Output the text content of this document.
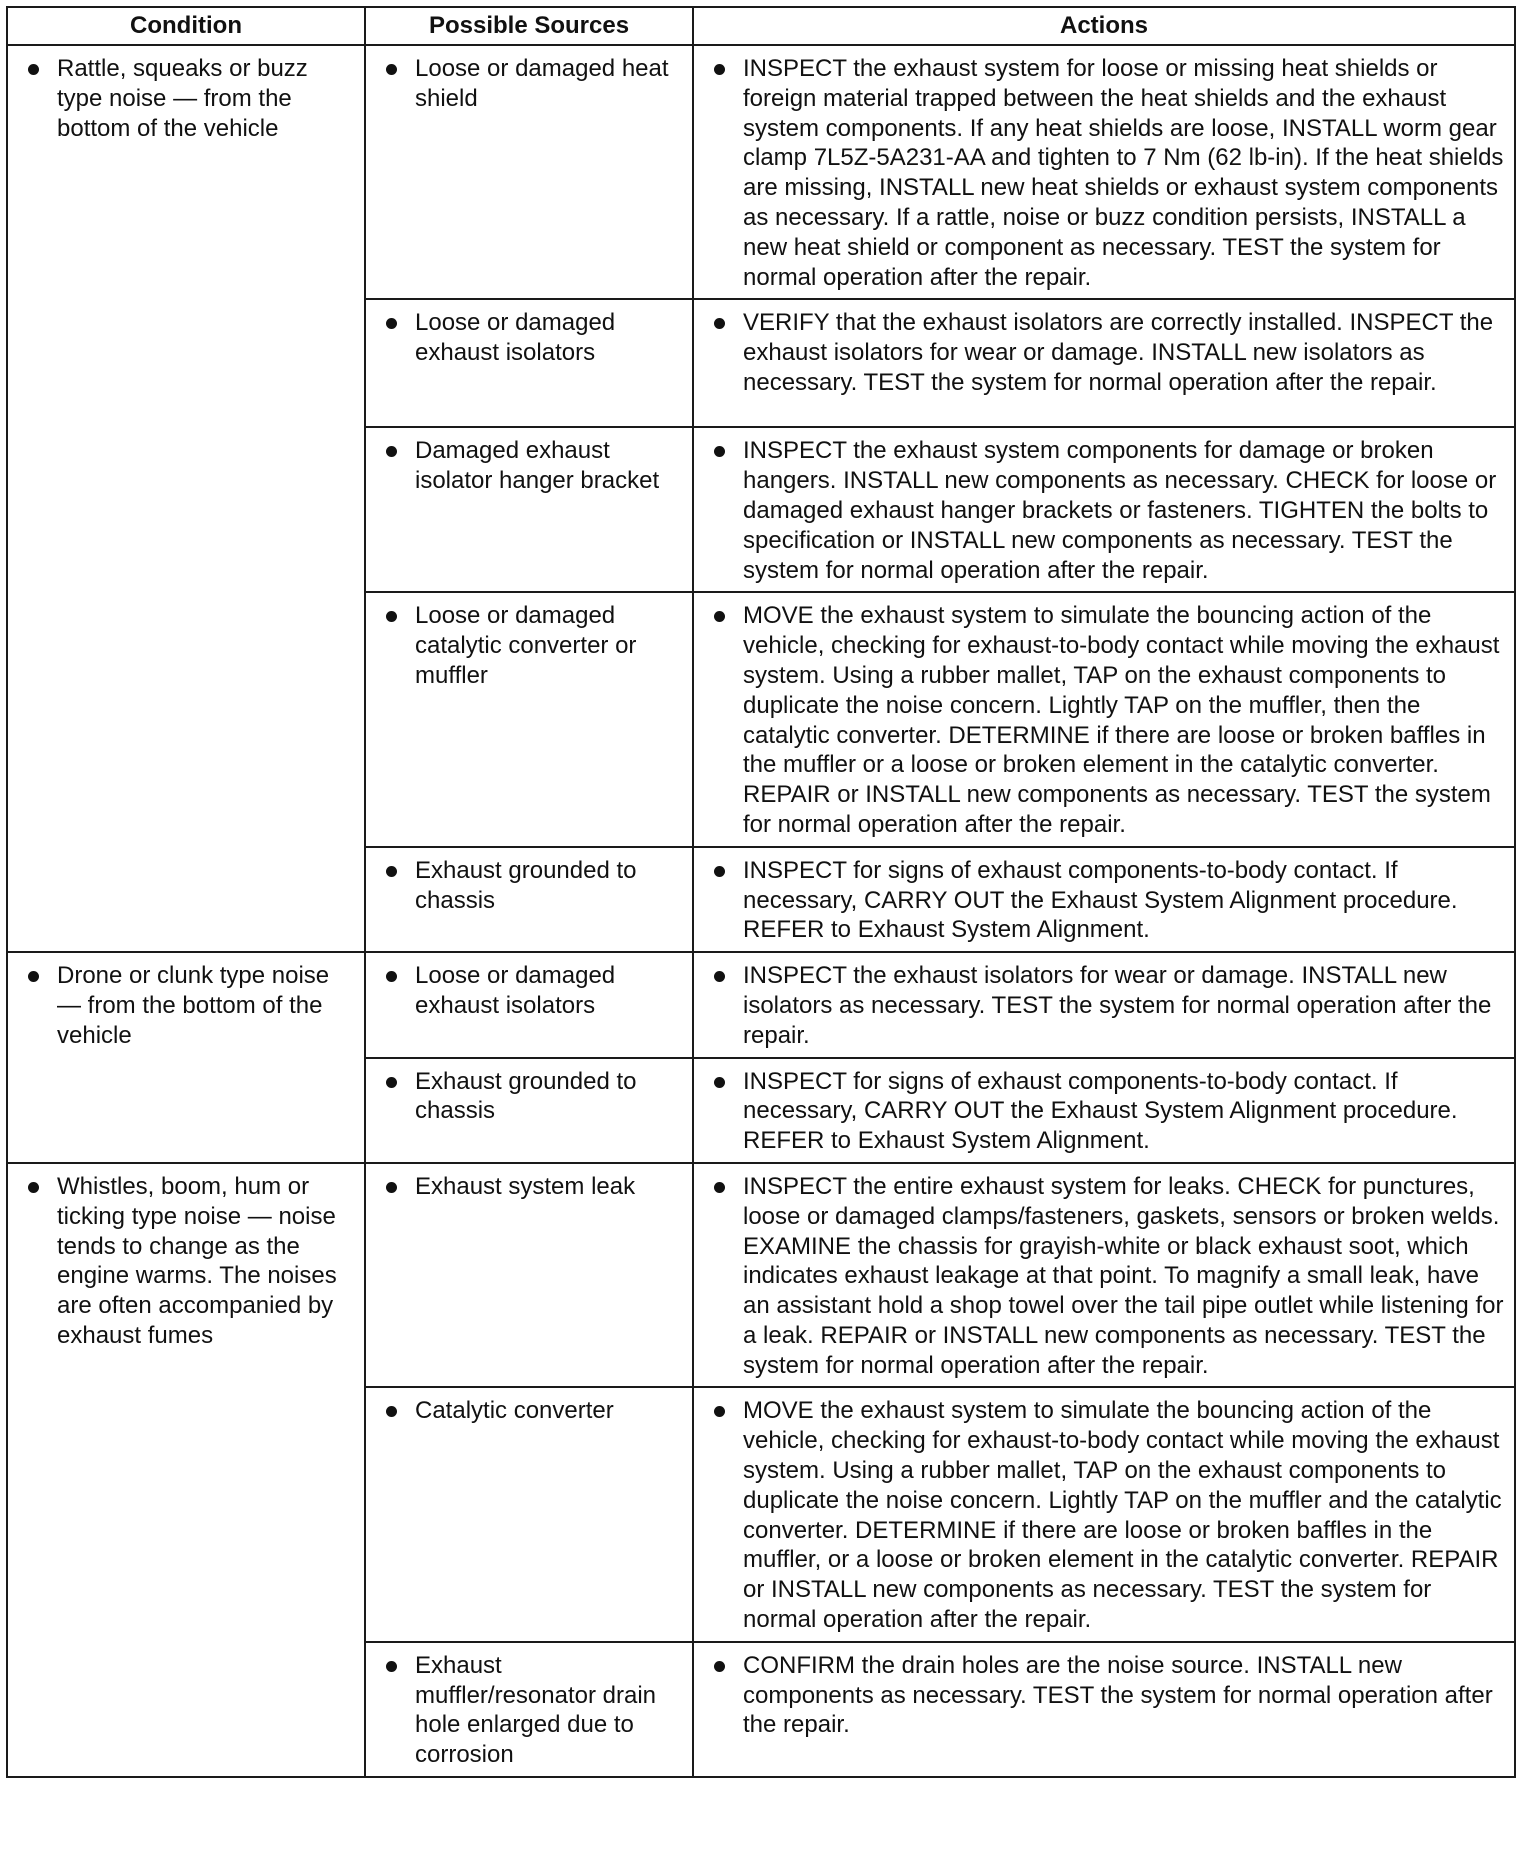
Condition	Possible Sources	Actions

Rattle, squeaks or buzz type noise — from the bottom of the vehicle	Loose or damaged heat shield	INSPECT the exhaust system for loose or missing heat shields or foreign material trapped between the heat shields and the exhaust system components. If any heat shields are loose, INSTALL worm gear clamp 7L5Z-5A231-AA and tighten to 7 Nm (62 lb-in). If the heat shields are missing, INSTALL new heat shields or exhaust system components as necessary. If a rattle, noise or buzz condition persists, INSTALL a new heat shield or component as necessary. TEST the system for normal operation after the repair.

	Loose or damaged exhaust isolators	VERIFY that the exhaust isolators are correctly installed. INSPECT the exhaust isolators for wear or damage. INSTALL new isolators as necessary. TEST the system for normal operation after the repair.

	Damaged exhaust isolator hanger bracket	INSPECT the exhaust system components for damage or broken hangers. INSTALL new components as necessary. CHECK for loose or damaged exhaust hanger brackets or fasteners. TIGHTEN the bolts to specification or INSTALL new components as necessary. TEST the system for normal operation after the repair.

	Loose or damaged catalytic converter or muffler	MOVE the exhaust system to simulate the bouncing action of the vehicle, checking for exhaust-to-body contact while moving the exhaust system. Using a rubber mallet, TAP on the exhaust components to duplicate the noise concern. Lightly TAP on the muffler, then the catalytic converter. DETERMINE if there are loose or broken baffles in the muffler or a loose or broken element in the catalytic converter. REPAIR or INSTALL new components as necessary. TEST the system for normal operation after the repair.

	Exhaust grounded to chassis	INSPECT for signs of exhaust components-to-body contact. If necessary, CARRY OUT the Exhaust System Alignment procedure. REFER to Exhaust System Alignment.

Drone or clunk type noise — from the bottom of the vehicle	Loose or damaged exhaust isolators	INSPECT the exhaust isolators for wear or damage. INSTALL new isolators as necessary. TEST the system for normal operation after the repair.

	Exhaust grounded to chassis	INSPECT for signs of exhaust components-to-body contact. If necessary, CARRY OUT the Exhaust System Alignment procedure. REFER to Exhaust System Alignment.

Whistles, boom, hum or ticking type noise — noise tends to change as the engine warms. The noises are often accompanied by exhaust fumes	Exhaust system leak	INSPECT the entire exhaust system for leaks. CHECK for punctures, loose or damaged clamps/fasteners, gaskets, sensors or broken welds. EXAMINE the chassis for grayish-white or black exhaust soot, which indicates exhaust leakage at that point. To magnify a small leak, have an assistant hold a shop towel over the tail pipe outlet while listening for a leak. REPAIR or INSTALL new components as necessary. TEST the system for normal operation after the repair.

	Catalytic converter	MOVE the exhaust system to simulate the bouncing action of the vehicle, checking for exhaust-to-body contact while moving the exhaust system. Using a rubber mallet, TAP on the exhaust components to duplicate the noise concern. Lightly TAP on the muffler and the catalytic converter. DETERMINE if there are loose or broken baffles in the muffler, or a loose or broken element in the catalytic converter. REPAIR or INSTALL new components as necessary. TEST the system for normal operation after the repair.

	Exhaust muffler/resonator drain hole enlarged due to corrosion	CONFIRM the drain holes are the noise source. INSTALL new components as necessary. TEST the system for normal operation after the repair.
